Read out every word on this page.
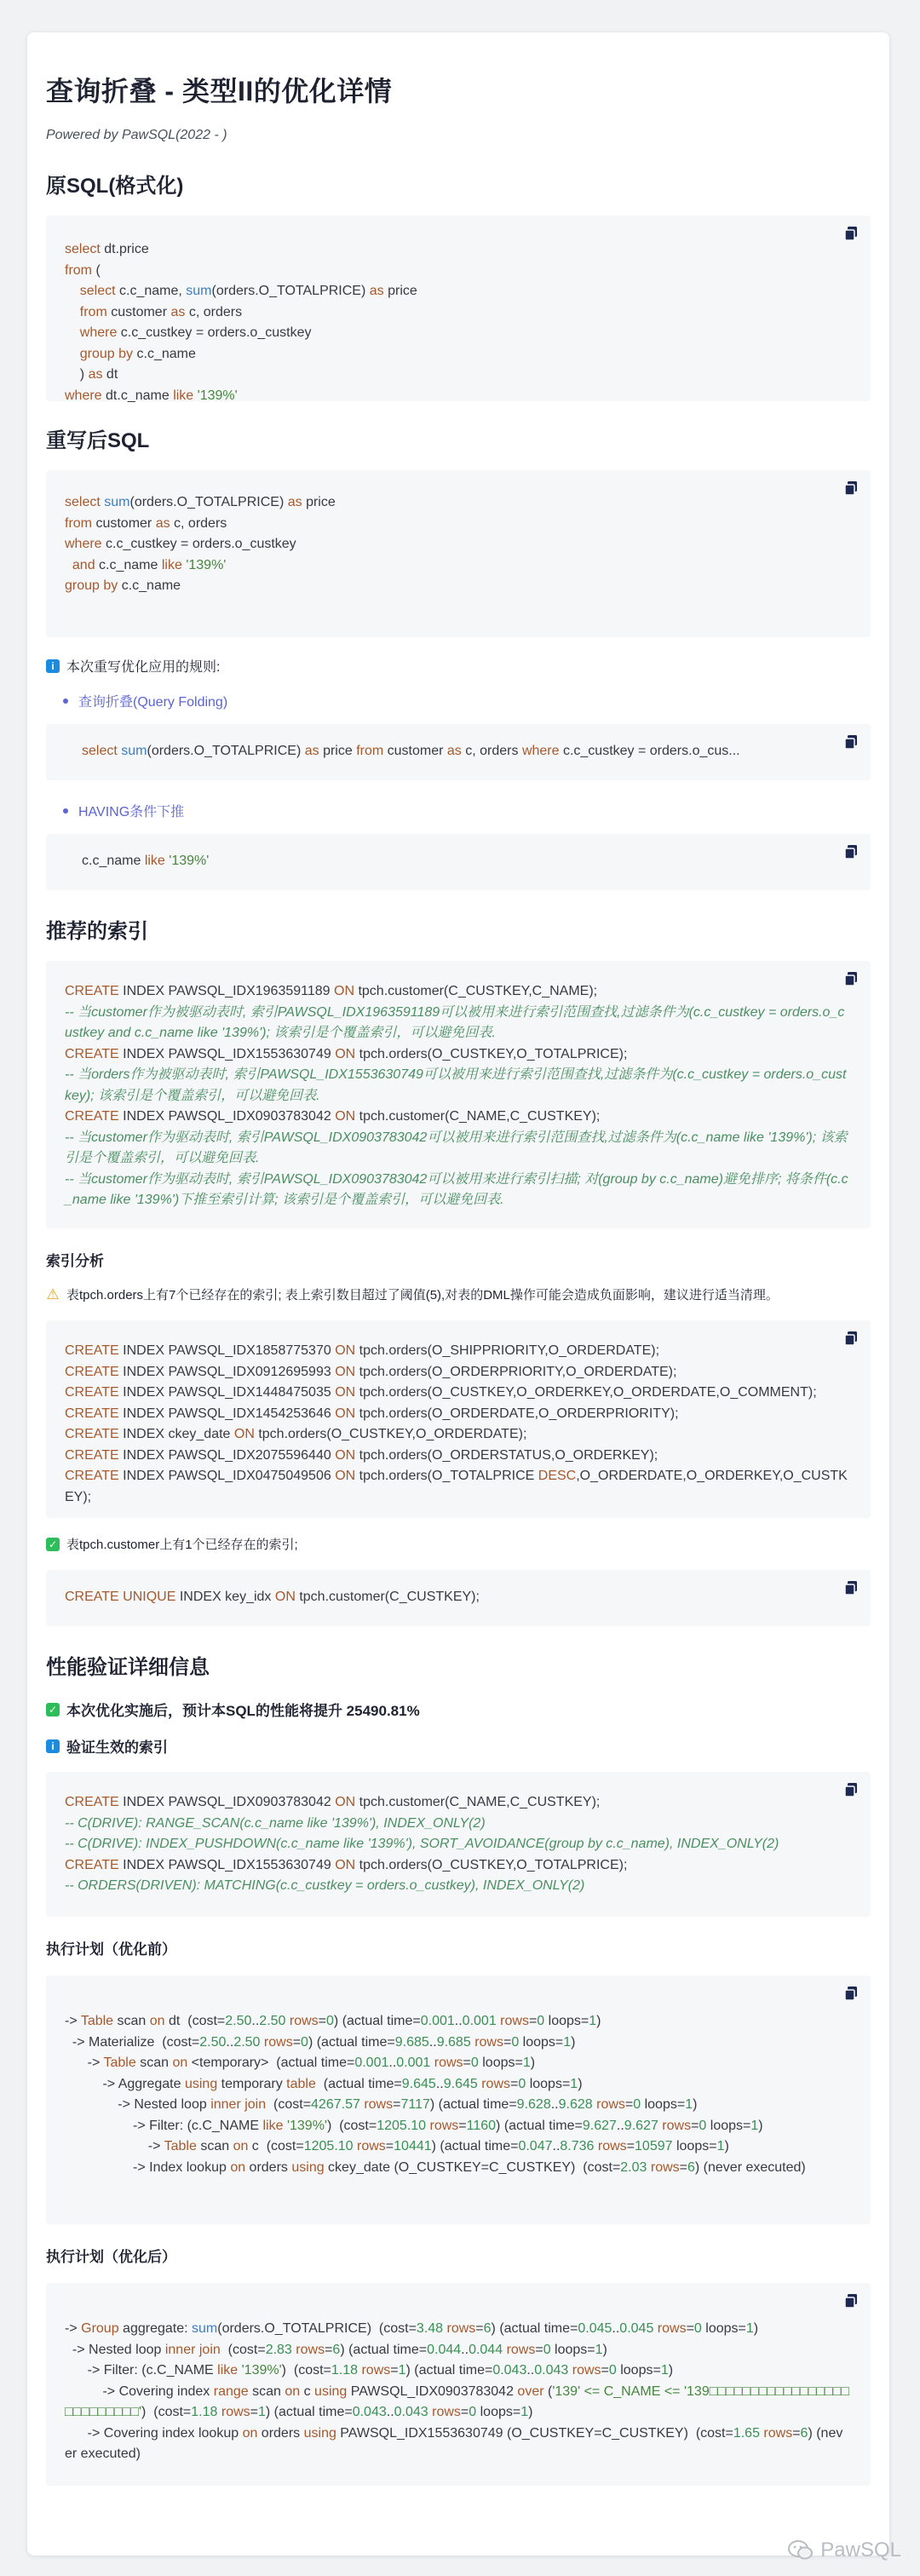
查询折叠 - 类型II的优化详情
Powered by PawSQL(2022 - )
原SQL(格式化)
select dt.price
from (
select c.c_name, sum(orders.O_TOTALPRICE) as price
from customer as c, orders
where c.c_custkey = orders.o_custkey
group by c.c_name
) as dt
where dt.c_name like '139%'
重写后SQL
select sum(orders.O_TOTALPRICE) as price
from customer as c, orders
where c.c_custkey = orders.o_custkey
and c.c_name like '139%'
group by c.c_name
i 本次重写优化应用的规则:
查询折叠(Query Folding)
select sum(orders.O_TOTALPRICE) as price from customer as c, orders where c.c_custkey = orders.o_cus...
HAVING条件下推
c.c_name like '139%'
推荐的索引
CREATE INDEX PAWSQL_IDX1963591189 ON tpch.customer(C_CUSTKEY,C_NAME);
-- 当customer作为被驱动表时, 索引PAWSQL_IDX1963591189可以被用来进行索引范围查找,过滤条件为(c.c_custkey = orders.o_custkey and c.c_name like '139%'); 该索引是个覆盖索引，可以避免回表.
CREATE INDEX PAWSQL_IDX1553630749 ON tpch.orders(O_CUSTKEY,O_TOTALPRICE);
-- 当orders作为被驱动表时, 索引PAWSQL_IDX1553630749可以被用来进行索引范围查找,过滤条件为(c.c_custkey = orders.o_custkey); 该索引是个覆盖索引，可以避免回表.
CREATE INDEX PAWSQL_IDX0903783042 ON tpch.customer(C_NAME,C_CUSTKEY);
-- 当customer作为驱动表时, 索引PAWSQL_IDX0903783042可以被用来进行索引范围查找,过滤条件为(c.c_name like '139%'); 该索引是个覆盖索引，可以避免回表.
-- 当customer作为驱动表时, 索引PAWSQL_IDX0903783042可以被用来进行索引扫描; 对(group by c.c_name)避免排序; 将条件(c.c_name like '139%')下推至索引计算; 该索引是个覆盖索引，可以避免回表.
索引分析
⚠ 表tpch.orders上有7个已经存在的索引; 表上索引数目超过了阈值(5),对表的DML操作可能会造成负面影响，建议进行适当清理。
CREATE INDEX PAWSQL_IDX1858775370 ON tpch.orders(O_SHIPPRIORITY,O_ORDERDATE);
CREATE INDEX PAWSQL_IDX0912695993 ON tpch.orders(O_ORDERPRIORITY,O_ORDERDATE);
CREATE INDEX PAWSQL_IDX1448475035 ON tpch.orders(O_CUSTKEY,O_ORDERKEY,O_ORDERDATE,O_COMMENT);
CREATE INDEX PAWSQL_IDX1454253646 ON tpch.orders(O_ORDERDATE,O_ORDERPRIORITY);
CREATE INDEX ckey_date ON tpch.orders(O_CUSTKEY,O_ORDERDATE);
CREATE INDEX PAWSQL_IDX2075596440 ON tpch.orders(O_ORDERSTATUS,O_ORDERKEY);
CREATE INDEX PAWSQL_IDX0475049506 ON tpch.orders(O_TOTALPRICE DESC,O_ORDERDATE,O_ORDERKEY,O_CUSTKEY);
✓ 表tpch.customer上有1个已经存在的索引;
CREATE UNIQUE INDEX key_idx ON tpch.customer(C_CUSTKEY);
性能验证详细信息
✓ 本次优化实施后，预计本SQL的性能将提升 25490.81%
i 验证生效的索引
CREATE INDEX PAWSQL_IDX0903783042 ON tpch.customer(C_NAME,C_CUSTKEY);
-- C(DRIVE): RANGE_SCAN(c.c_name like '139%'), INDEX_ONLY(2)
-- C(DRIVE): INDEX_PUSHDOWN(c.c_name like '139%'), SORT_AVOIDANCE(group by c.c_name), INDEX_ONLY(2)
CREATE INDEX PAWSQL_IDX1553630749 ON tpch.orders(O_CUSTKEY,O_TOTALPRICE);
-- ORDERS(DRIVEN): MATCHING(c.c_custkey = orders.o_custkey), INDEX_ONLY(2)
执行计划（优化前）
-> Table scan on dt  (cost=2.50..2.50 rows=0) (actual time=0.001..0.001 rows=0 loops=1)
-> Materialize  (cost=2.50..2.50 rows=0) (actual time=9.685..9.685 rows=0 loops=1)
-> Table scan on <temporary>  (actual time=0.001..0.001 rows=0 loops=1)
-> Aggregate using temporary table  (actual time=9.645..9.645 rows=0 loops=1)
-> Nested loop inner join  (cost=4267.57 rows=7117) (actual time=9.628..9.628 rows=0 loops=1)
-> Filter: (c.C_NAME like '139%')  (cost=1205.10 rows=1160) (actual time=9.627..9.627 rows=0 loops=1)
-> Table scan on c  (cost=1205.10 rows=10441) (actual time=0.047..8.736 rows=10597 loops=1)
-> Index lookup on orders using ckey_date (O_CUSTKEY=C_CUSTKEY)  (cost=2.03 rows=6) (never executed)
执行计划（优化后）
-> Group aggregate: sum(orders.O_TOTALPRICE)  (cost=3.48 rows=6) (actual time=0.045..0.045 rows=0 loops=1)
-> Nested loop inner join  (cost=2.83 rows=6) (actual time=0.044..0.044 rows=0 loops=1)
-> Filter: (c.C_NAME like '139%')  (cost=1.18 rows=1) (actual time=0.043..0.043 rows=0 loops=1)
-> Covering index range scan on c using PAWSQL_IDX0903783042 over ('139' <= C_NAME <= '139□□□□□□□□□□□□□□□□□□□□□□□□□□')  (cost=1.18 rows=1) (actual time=0.043..0.043 rows=0 loops=1)
-> Covering index lookup on orders using PAWSQL_IDX1553630749 (O_CUSTKEY=C_CUSTKEY)  (cost=1.65 rows=6) (never executed)
PawSQL
